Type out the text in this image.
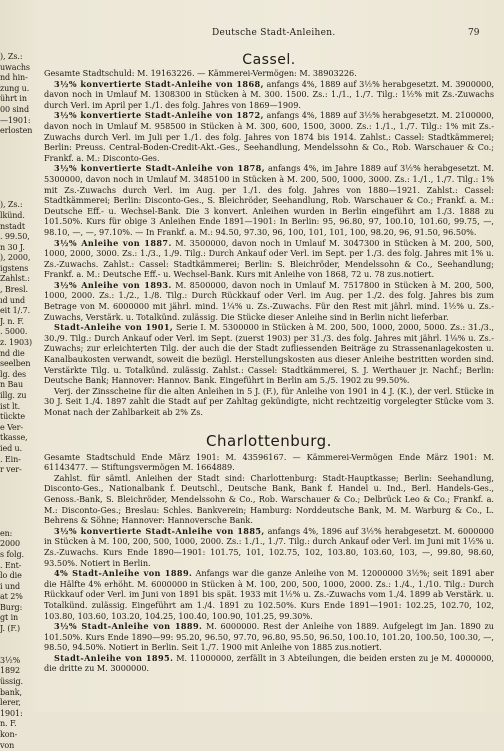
Deutsche Stadt-Anleihen.	79
), Zs.:
uwachs
nd hin-
zung u.
ührt in
00 sind
—1901:
erlosten
), Zs.:
lkünd.
nstadt
. 99.50,
n 30 J.
), 2000,
igstens
Zahlst.:
, Bresl.
ıd und
eit 1/.7.
J. n. F.
. 5000.
z. 1903)
nd die
seelben
lg. des
n Bau
illg. zu
ist lt.
tückte
e Ver-
tkasse,
ied u.
. Ein-
r ver-
en:
2000
s folg.
. Ent-
lo die
i und
at 2%
Burg:
gt in
J. (F.)
3½%
1892
üssig.
bank,
lerer,
1901:
n. F.
kon-
von
Cassel.

Gesamte Stadtschuld: M. 19163226. — Kämmerei-Vermögen: M. 38903226.

3½% konvertierte Stadt-Anleihe von 1868, anfangs 4%, 1889 auf 3½% herabgesetzt. M. 3900000, davon noch in Umlauf M. 1308300 in Stücken à M. 300. 1500. Zs.: 1./1., 1./7. Tilg.: 1½% mit Zs.-Zuwachs durch Verl. im April per 1./1. des folg. Jahres von 1869—1909.

3½% konvertierte Stadt-Anleihe von 1872, anfangs 4%, 1889 auf 3½% herabgesetzt. M. 2100000, davon noch in Umlauf M. 958500 in Stücken à M. 300, 600, 1500, 3000. Zs.: 1./1., 1./7. Tilg.: 1% mit Zs.-Zuwachs durch Verl. im Juli per 1./1. des folg. Jahres von 1874 bis 1914. Zahlst.: Cassel: Stadtkämmerei; Berlin: Preuss. Central-Boden-Credit-Akt.-Ges., Seehandlung, Mendelssohn & Co., Rob. Warschauer & Co.; Frankf. a. M.: Disconto-Ges.

3½% konvertierte Stadt-Anleihe von 1878, anfangs 4%, im Jahre 1889 auf 3½% herabgesetzt. M. 5300000, davon noch in Umlauf M. 3485100 in Stücken à M. 200, 500, 1000, 3000. Zs.: 1./1., 1./7. Tilg.: 1% mit Zs.-Zuwachs durch Verl. im Aug. per 1./1. des folg. Jahres von 1880—1921. Zahlst.: Cassel: Stadtkämmerei; Berlin: Disconto-Ges., S. Bleichröder, Seehandlung, Rob. Warschauer & Co.; Frankf. a. M.: Deutsche Eff.- u. Wechsel-Bank. Die 3 konvert. Anleihen wurden in Berlin eingeführt am 1./3. 1888 zu 101.50%. Kurs für obige 3 Anleihen Ende 1891—1901: In Berlin: 95, 96.80, 97, 100.10, 101.60, 99.75, —, 98.10, —, —, 97.10%. — In Frankf. a. M.: 94.50, 97.30, 96, 100, 101, 101, 100, 98.20, 96, 91.50, 96.50%.

3½% Anleihe von 1887. M. 3500000, davon noch in Umlauf M. 3047300 in Stücken à M. 200, 500, 1000, 2000, 3000. Zs.: 1./3., 1./9. Tilg.: Durch Ankauf oder Verl. im Sept. per 1./3. des folg. Jahres mit 1% u. Zs.-Zuwachs. Zahlst.: Cassel: Stadtkämmerei; Berlin: S. Bleichröder, Mendelssohn & Co., Seehandlung; Frankf. a. M.: Deutsche Eff.- u. Wechsel-Bank. Kurs mit Anleihe von 1868, 72 u. 78 zus.notiert.

3½% Anleihe von 1893. M. 8500000, davon noch in Umlauf M. 7517800 in Stücken à M. 200, 500, 1000, 2000. Zs.: 1./2., 1./8. Tilg.: Durch Rückkauf oder Verl. im Aug. per 1./2. des folg. Jahres bis zum Betrage von M. 6000000 mit jährl. mind. 1¼% u. Zs.-Zuwachs. Für den Rest mit jährl. mind. 1½% u. Zs.-Zuwachs, Verstärk. u. Totalkünd. zulässig. Die Stücke dieser Anleihe sind in Berlin nicht lieferbar.

Stadt-Anleihe von 1901, Serie I. M. 5300000 in Stücken à M. 200, 500, 1000, 2000, 5000. Zs.: 31./3., 30./9. Tilg.: Durch Ankauf oder Verl. im Sept. (zuerst 1903) per 31./3. des folg. Jahres mit jährl. 1⅛% u. Zs.-Zuwachs; zur erleichterten Tilg. der auch die der Stadt zufliessenden Beiträge zu Strassenanlagekosten u. Kanalbaukosten verwandt, soweit die bezügl. Herstellungskosten aus dieser Anleihe bestritten worden sind. Verstärkte Tilg. u. Totalkünd. zulässig. Zahlst.: Cassel: Stadtkämmerei, S. J. Werthauer jr. Nachf.; Berlin: Deutsche Bank; Hannover: Hannov. Bank. Eingeführt in Berlin am 5./5. 1902 zu 99.50%.

Verj. der Zinsscheine für die alten Anleihen in 5 J. (F.), für Anleihe von 1901 in 4 J. (K.), der verl. Stücke in 30 J. Seit 1./4. 1897 zahlt die Stadt auf per Zahltag gekündigte, nicht rechtzeitig vorgelegter Stücke vom 3. Monat nach der Zahlbarkeit ab 2% Zs.

Charlottenburg.

Gesamte Stadtschuld Ende März 1901: M. 43596167. — Kämmerei-Vermögen Ende März 1901: M. 61143477. — Stiftungsvermögen M. 1664889.

Zahlst. für sämtl. Anleihen der Stadt sind: Charlottenburg: Stadt-Hauptkasse; Berlin: Seehandlung, Disconto-Ges., Nationalbank f. Deutschl., Deutsche Bank, Bank f. Handel u. Ind., Berl. Handels-Ges., Genoss.-Bank, S. Bleichröder, Mendelssohn & Co., Rob. Warschauer & Co.; Delbrück Leo & Co.; Frankf. a. M.: Disconto-Ges.; Breslau: Schles. Bankverein; Hamburg: Norddeutsche Bank, M. M. Warburg & Co., L. Behrens & Söhne; Hannover: Hannoversche Bank.

3½% konvertierte Stadt-Anleihe von 1885, anfangs 4%, 1896 auf 3½% herabgesetzt. M. 6000000 in Stücken à M. 100, 200, 500, 1000, 2000. Zs.: 1./1., 1./7. Tilg.: durch Ankauf oder Verl. im Juni mit 1½% u. Zs.-Zuwachs. Kurs Ende 1890—1901: 101.75, 101, 102.75, 102, 103.80, 103.60, 103, —, 99.80, 98.60, 93.50%. Notiert in Berlin.

4% Stadt-Anleihe von 1889. Anfangs war die ganze Anleihe von M. 12000000 3½%; seit 1891 aber die Hälfte 4% erhöht. M. 6000000 in Stücken à M. 100, 200, 500, 1000, 2000. Zs.: 1./4., 1./10. Tilg.: Durch Rückkauf oder Verl. im Juni von 1891 bis spät. 1933 mit 1½% u. Zs.-Zuwachs vom 1./4. 1899 ab Verstärk. u. Totalkünd. zulässig. Eingeführt am 1./4. 1891 zu 102.50%. Kurs Ende 1891—1901: 102.25, 102.70, 102, 103.80, 103.60, 103.20, 104.25, 100.40, 100.90, 101.25, 99.30%.

3½% Stadt-Anleihe von 1889. M. 6000000. Rest der Anleihe von 1889. Aufgelegt im Jan. 1890 zu 101.50%. Kurs Ende 1890—99: 95.20, 96.50, 97.70, 96.80, 95.50, 96.50, 100.10, 101.20, 100.50, 100.30, —, 98.50, 94.50%. Notiert in Berlin. Seit 1./7. 1900 mit Anleihe von 1885 zus.notiert.

Stadt-Anleihe von 1895. M. 11000000, zerfällt in 3 Abteilungen, die beiden ersten zu je M. 4000000, die dritte zu M. 3000000.
